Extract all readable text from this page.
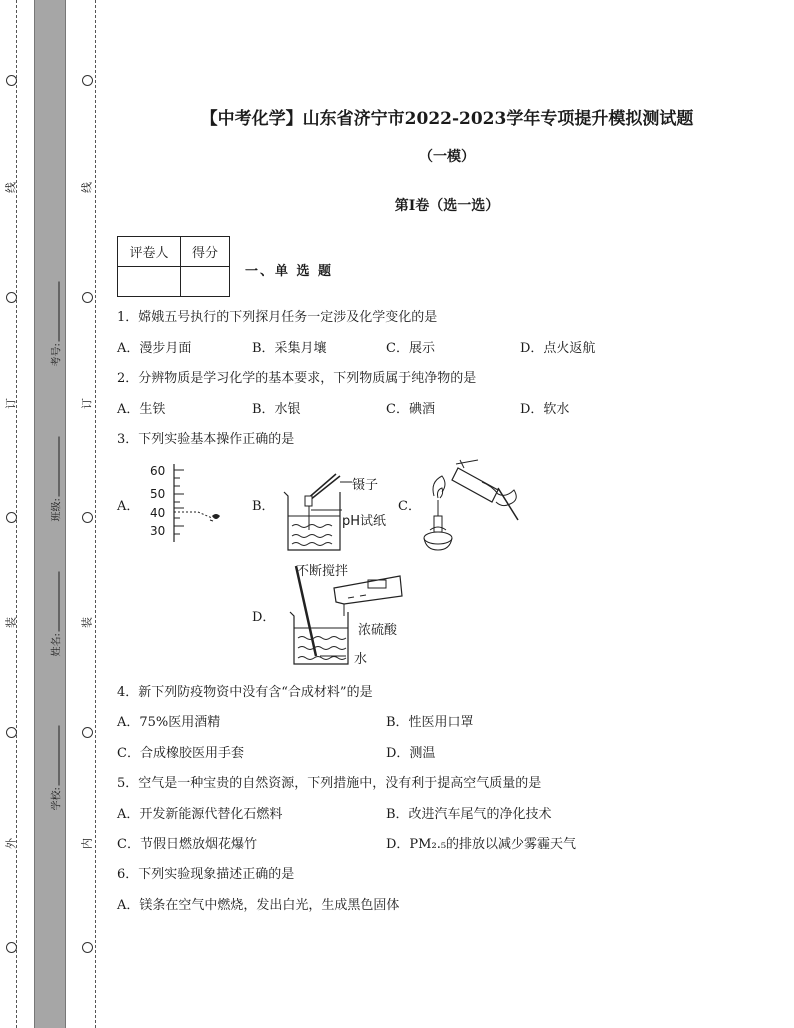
线
订
装
外
线
订
装
内
考号:
班级:
姓名:
学校:
【中考化学】山东省济宁市2022-2023学年专项提升模拟测试题
（一模）
第I卷（选一选）
评卷人	得分

一、单 选 题
1．嫦娥五号执行的下列探月任务一定涉及化学变化的是
A．漫步月面	B．采集月壤	C．展示	D．点火返航
2．分辨物质是学习化学的基本要求，下列物质属于纯净物的是
A．生铁	B．水银	C．碘酒	D．软水
3．下列实验基本操作正确的是
A．	B．	C．
D．
60
50
40
30
镊子
pH试纸
不断搅拌
浓硫酸
水
4．新下列防疫物资中没有含“合成材料”的是
A．75%医用酒精	B．性医用口罩
C．合成橡胶医用手套	D．测温
5．空气是一种宝贵的自然资源，下列措施中，没有利于提高空气质量的是
A．开发新能源代替化石燃料	B．改进汽车尾气的净化技术
C．节假日燃放烟花爆竹	D．PM₂.₅的排放以减少雾霾天气
6．下列实验现象描述正确的是
A．镁条在空气中燃烧，发出白光，生成黑色固体
